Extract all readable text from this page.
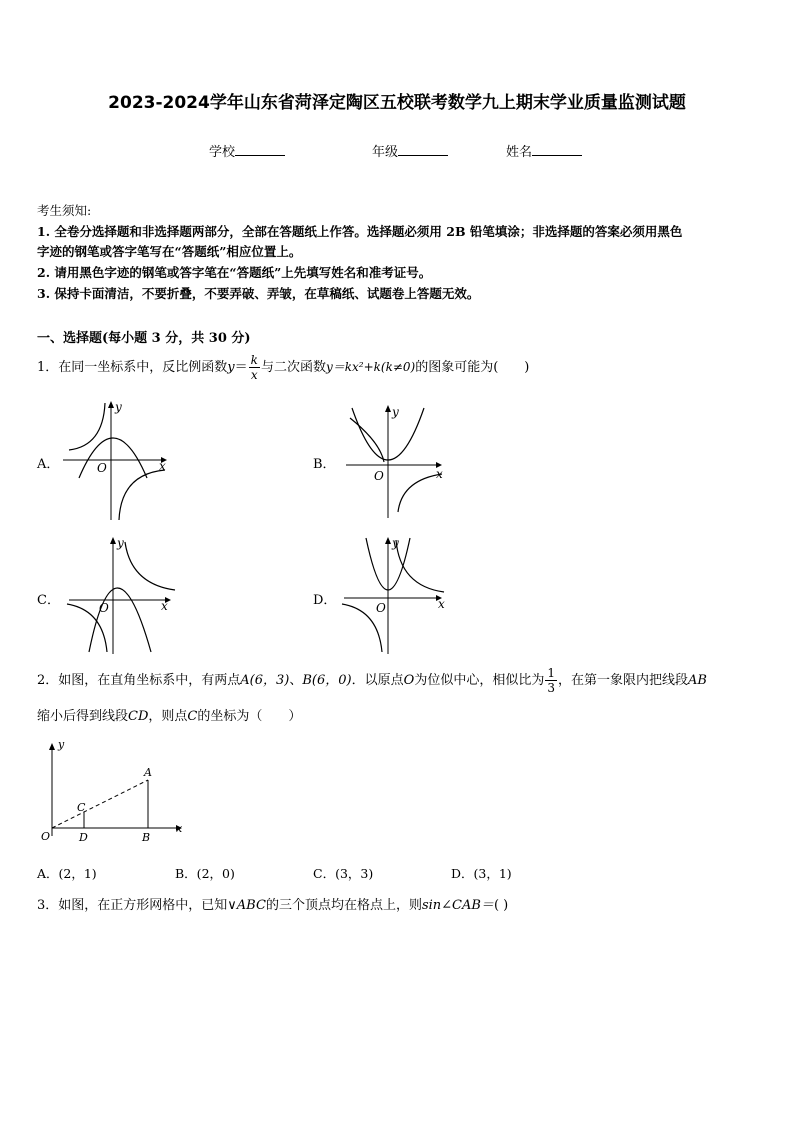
2023-2024学年山东省菏泽定陶区五校联考数学九上期末学业质量监测试题
学校	年级	姓名
考生须知:
1. 全卷分选择题和非选择题两部分，全部在答题纸上作答。选择题必须用 2B 铅笔填涂；非选择题的答案必须用黑色
字迹的钢笔或答字笔写在“答题纸”相应位置上。
2. 请用黑色字迹的钢笔或答字笔在“答题纸”上先填写姓名和准考证号。
3. 保持卡面清洁，不要折叠，不要弄破、弄皱，在草稿纸、试题卷上答题无效。
一、选择题(每小题 3 分，共 30 分)
1．在同一坐标系中，反比例函数$y= \frac{k}{x}$ 与二次函数y＝kx²+k(k≠0)的图象可能为(　　)
A．	O	x
y
B．
O	x
y
C．	O	x
y
D．	O	x
y
2．如图，在直角坐标系中，有两点A(6，3)、B(6，0)．以原点O为位似中心，相似比为 $\frac{1}{3}$ ，在第一象限内把线段AB
缩小后得到线段CD，则点C的坐标为（　　）
y
x
A
B
C
D
O
A．(2，1)	B．(2，0)	C．(3，3)	D．(3，1)
3．如图，在正方形网格中，已知∨ABC的三个顶点均在格点上，则sin∠CAB＝( )
